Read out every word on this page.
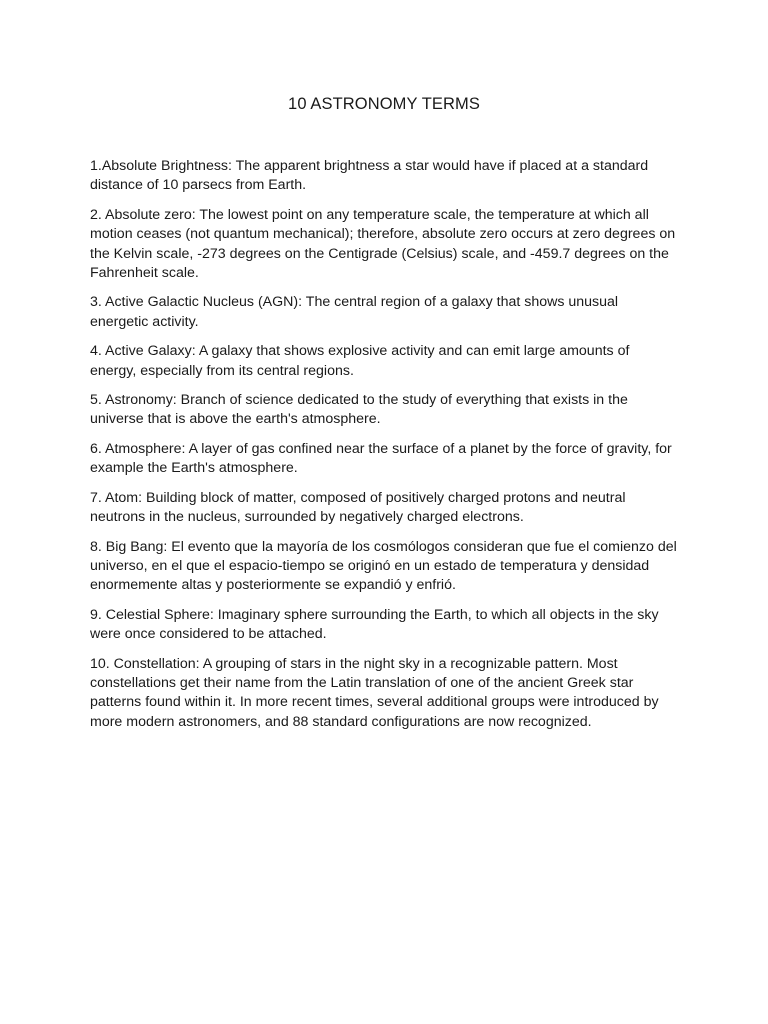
10 ASTRONOMY TERMS

1.Absolute Brightness: The apparent brightness a star would have if placed at a standard distance of 10 parsecs from Earth.

2. Absolute zero: The lowest point on any temperature scale, the temperature at which all motion ceases (not quantum mechanical); therefore, absolute zero occurs at zero degrees on the Kelvin scale, -273 degrees on the Centigrade (Celsius) scale, and -459.7 degrees on the Fahrenheit scale.

3. Active Galactic Nucleus (AGN): The central region of a galaxy that shows unusual energetic activity.

4. Active Galaxy: A galaxy that shows explosive activity and can emit large amounts of energy, especially from its central regions.

5. Astronomy: Branch of science dedicated to the study of everything that exists in the universe that is above the earth's atmosphere.

6. Atmosphere: A layer of gas confined near the surface of a planet by the force of gravity, for example the Earth's atmosphere.

7. Atom: Building block of matter, composed of positively charged protons and neutral neutrons in the nucleus, surrounded by negatively charged electrons.

8. Big Bang: El evento que la mayoría de los cosmólogos consideran que fue el comienzo del universo, en el que el espacio-tiempo se originó en un estado de temperatura y densidad enormemente altas y posteriormente se expandió y enfrió.

9. Celestial Sphere: Imaginary sphere surrounding the Earth, to which all objects in the sky were once considered to be attached.

10. Constellation: A grouping of stars in the night sky in a recognizable pattern. Most constellations get their name from the Latin translation of one of the ancient Greek star patterns found within it. In more recent times, several additional groups were introduced by more modern astronomers, and 88 standard configurations are now recognized.
